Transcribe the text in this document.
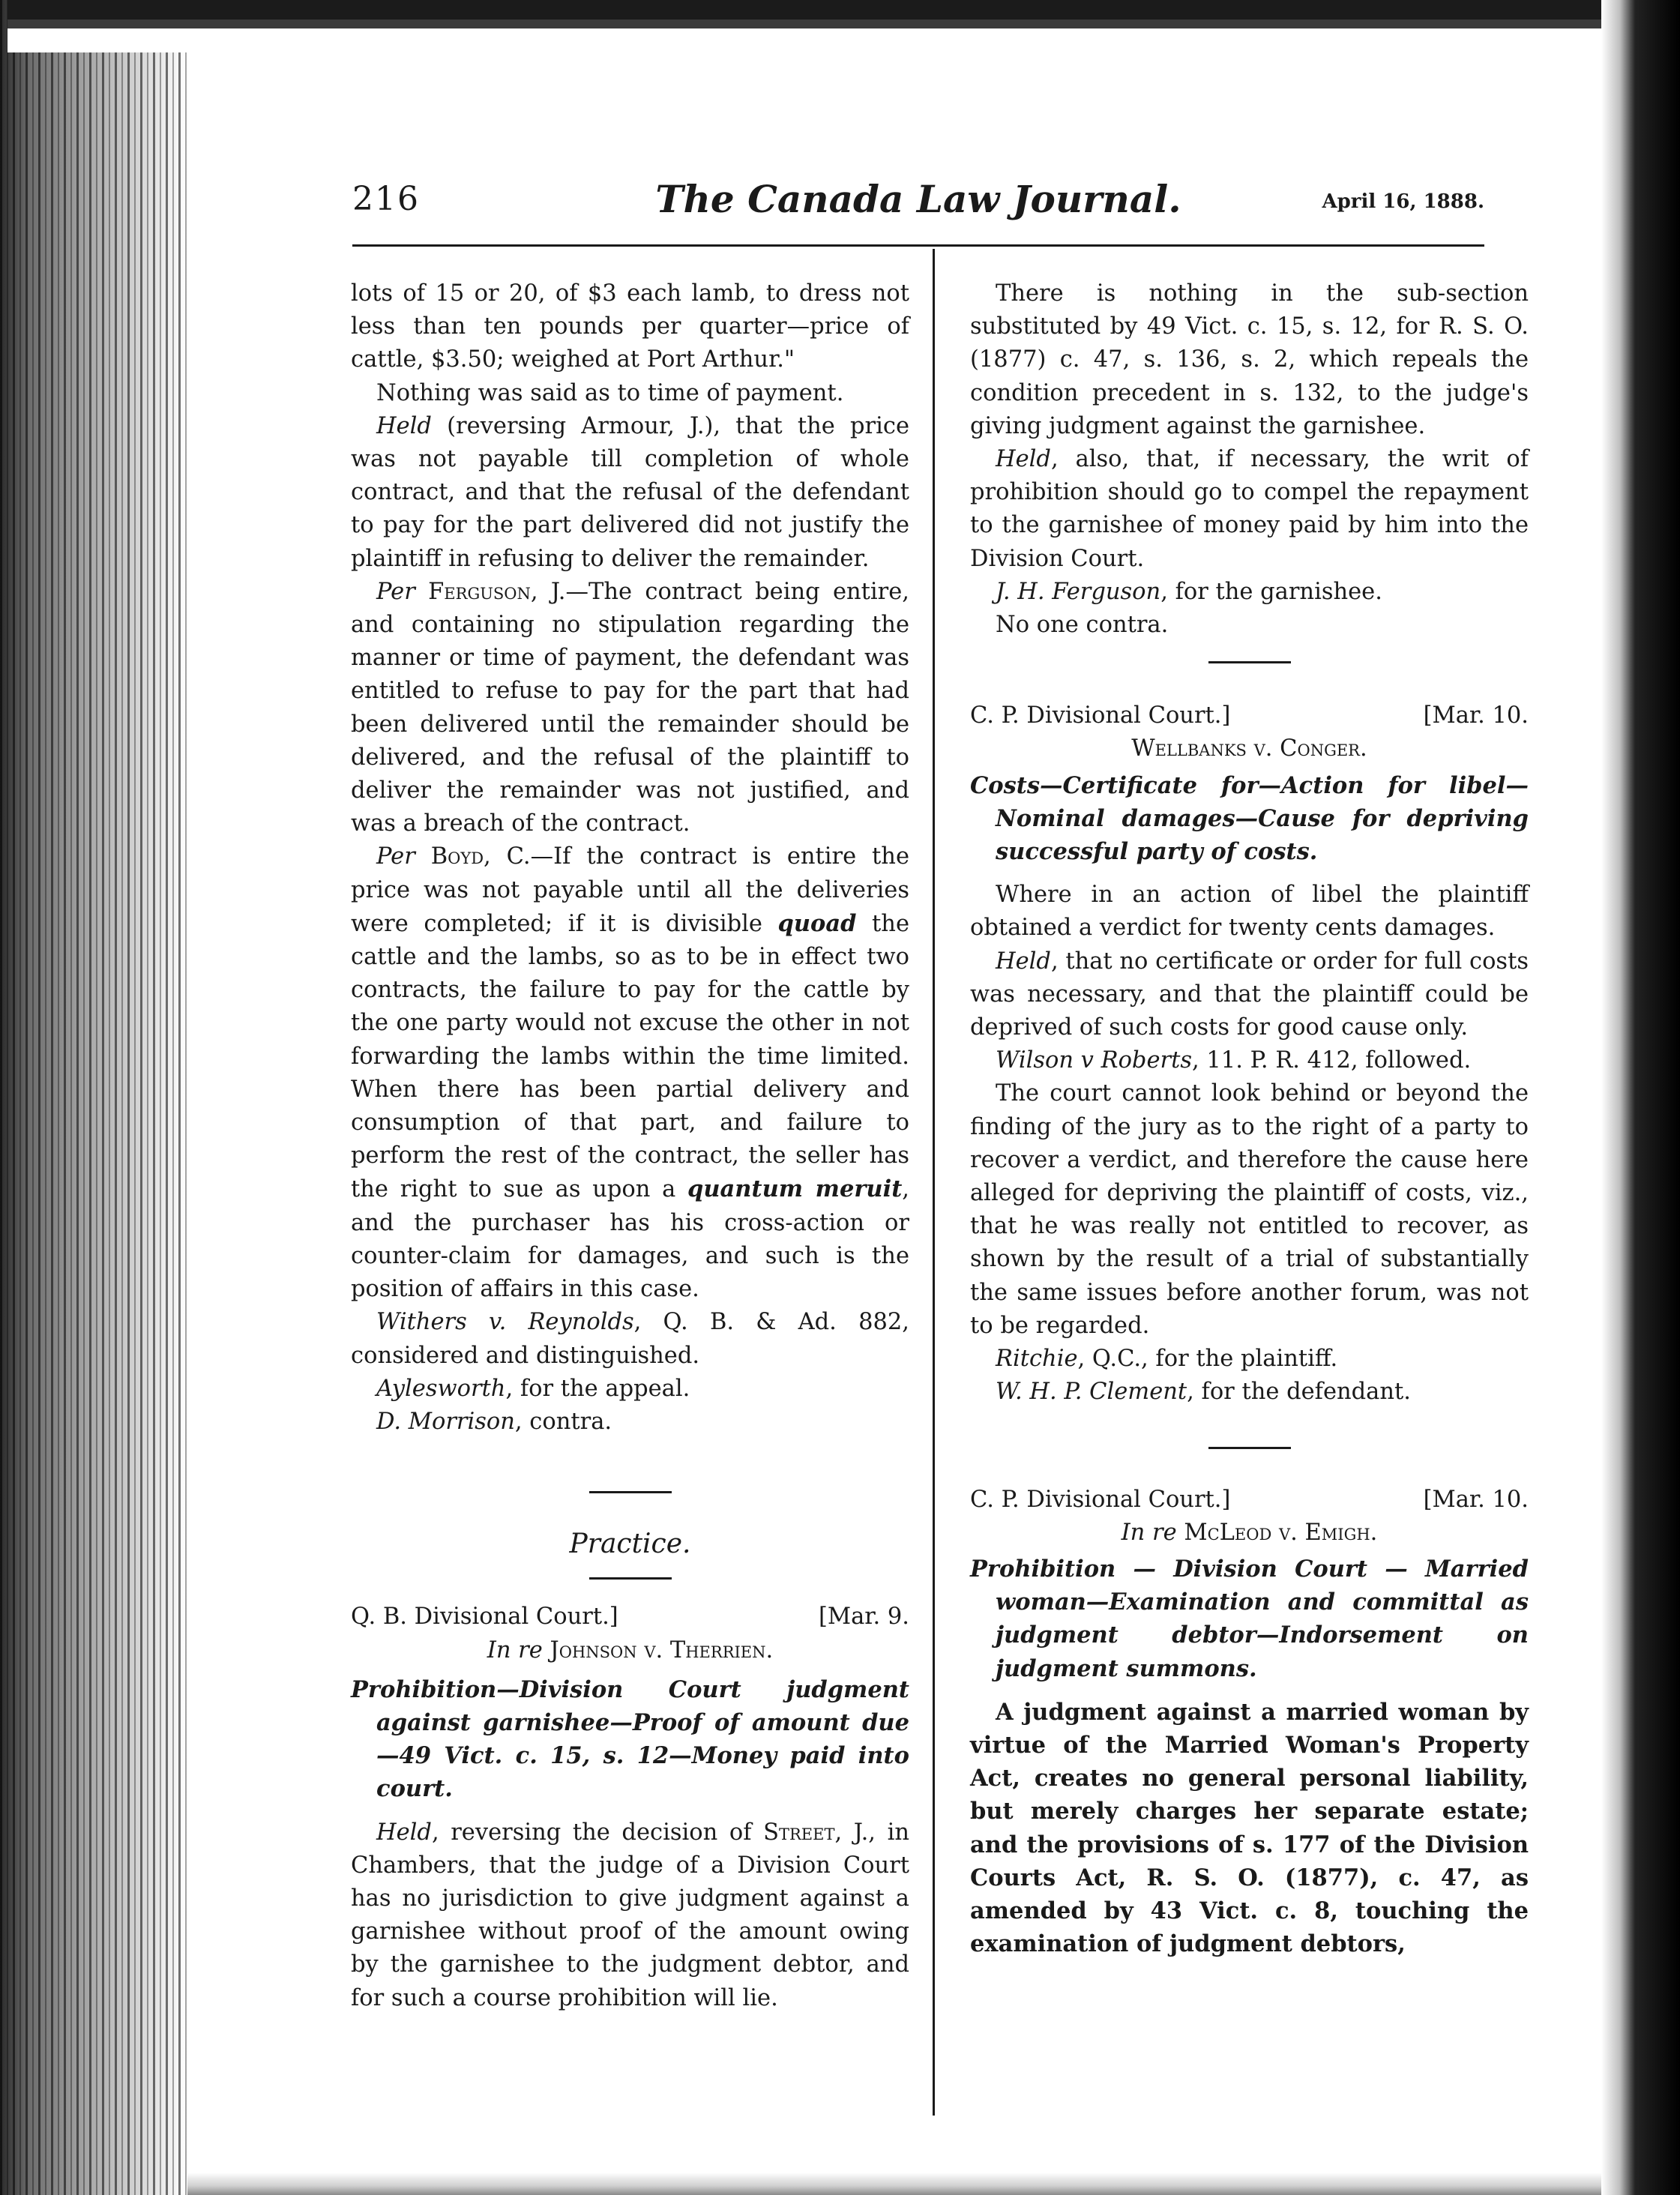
216	The Canada Law Journal.	April 16, 1888.

lots of 15 or 20, of $3 each lamb, to dress not less than ten pounds per quarter—price of cattle, $3.50; weighed at Port Arthur."

Nothing was said as to time of payment.

Held (reversing Armour, J.), that the price was not payable till completion of whole contract, and that the refusal of the defendant to pay for the part delivered did not justify the plaintiff in refusing to deliver the remainder.

Per Ferguson, J.—The contract being entire, and containing no stipulation regarding the manner or time of payment, the defendant was entitled to refuse to pay for the part that had been delivered until the remainder should be delivered, and the refusal of the plaintiff to deliver the remainder was not justified, and was a breach of the contract.

Per Boyd, C.—If the contract is entire the price was not payable until all the deliveries were completed; if it is divisible quoad the cattle and the lambs, so as to be in effect two contracts, the failure to pay for the cattle by the one party would not excuse the other in not forwarding the lambs within the time limited. When there has been partial delivery and consumption of that part, and failure to perform the rest of the contract, the seller has the right to sue as upon a quantum meruit, and the purchaser has his cross-action or counter-claim for damages, and such is the position of affairs in this case.

Withers v. Reynolds, Q. B. & Ad. 882, considered and distinguished.

Aylesworth, for the appeal.

D. Morrison, contra.

Practice.
Q. B. Divisional Court.]	[Mar. 9.
In re Johnson v. Therrien.

Prohibition—Division Court judgment against garnishee—Proof of amount due—49 Vict. c. 15, s. 12—Money paid into court.

Held, reversing the decision of Street, J., in Chambers, that the judge of a Division Court has no jurisdiction to give judgment against a garnishee without proof of the amount owing by the garnishee to the judgment debtor, and for such a course prohibition will lie.

There is nothing in the sub-section substituted by 49 Vict. c. 15, s. 12, for R. S. O. (1877) c. 47, s. 136, s. 2, which repeals the condition precedent in s. 132, to the judge's giving judgment against the garnishee.

Held, also, that, if necessary, the writ of prohibition should go to compel the repayment to the garnishee of money paid by him into the Division Court.

J. H. Ferguson, for the garnishee.

No one contra.

C. P. Divisional Court.]	[Mar. 10.
Wellbanks v. Conger.

Costs—Certificate for—Action for libel—Nominal damages—Cause for depriving successful party of costs.

Where in an action of libel the plaintiff obtained a verdict for twenty cents damages.

Held, that no certificate or order for full costs was necessary, and that the plaintiff could be deprived of such costs for good cause only.

Wilson v Roberts, 11. P. R. 412, followed.

The court cannot look behind or beyond the finding of the jury as to the right of a party to recover a verdict, and therefore the cause here alleged for depriving the plaintiff of costs, viz., that he was really not entitled to recover, as shown by the result of a trial of substantially the same issues before another forum, was not to be regarded.

Ritchie, Q.C., for the plaintiff.

W. H. P. Clement, for the defendant.

C. P. Divisional Court.]	[Mar. 10.
In re McLeod v. Emigh.

Prohibition — Division Court — Married woman—Examination and committal as judgment debtor—Indorsement on judgment summons.

A judgment against a married woman by virtue of the Married Woman's Property Act, creates no general personal liability, but merely charges her separate estate; and the provisions of s. 177 of the Division Courts Act, R. S. O. (1877), c. 47, as amended by 43 Vict. c. 8, touching the examination of judgment debtors,
